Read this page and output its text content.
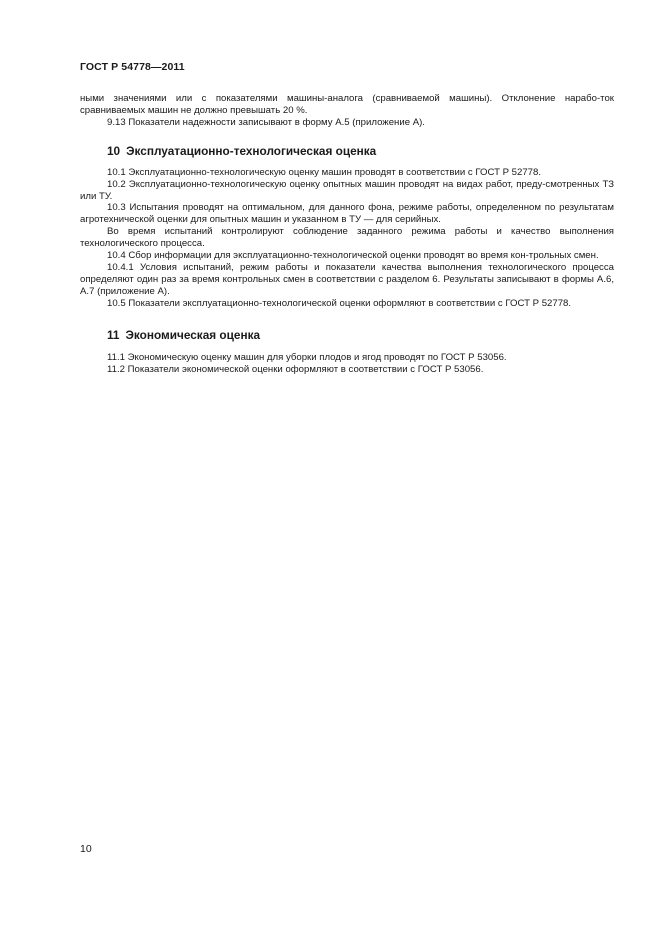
ГОСТ Р 54778—2011

ными значениями или с показателями машины-аналога (сравниваемой машины). Отклонение нарабо-ток сравниваемых машин не должно превышать 20 %.

9.13 Показатели надежности записывают в форму А.5 (приложение А).

10 Эксплуатационно-технологическая оценка

10.1 Эксплуатационно-технологическую оценку машин проводят в соответствии с ГОСТ Р 52778.

10.2 Эксплуатационно-технологическую оценку опытных машин проводят на видах работ, преду-смотренных ТЗ или ТУ.

10.3 Испытания проводят на оптимальном, для данного фона, режиме работы, определенном по результатам агротехнической оценки для опытных машин и указанном в ТУ — для серийных.

Во время испытаний контролируют соблюдение заданного режима работы и качество выполнения технологического процесса.

10.4 Сбор информации для эксплуатационно-технологической оценки проводят во время кон-трольных смен.

10.4.1 Условия испытаний, режим работы и показатели качества выполнения технологического процесса определяют один раз за время контрольных смен в соответствии с разделом 6. Результаты записывают в формы А.6, А.7 (приложение А).

10.5 Показатели эксплуатационно-технологической оценки оформляют в соответствии с ГОСТ Р 52778.

11 Экономическая оценка

11.1 Экономическую оценку машин для уборки плодов и ягод проводят по ГОСТ Р 53056.

11.2 Показатели экономической оценки оформляют в соответствии с ГОСТ Р 53056.

10
